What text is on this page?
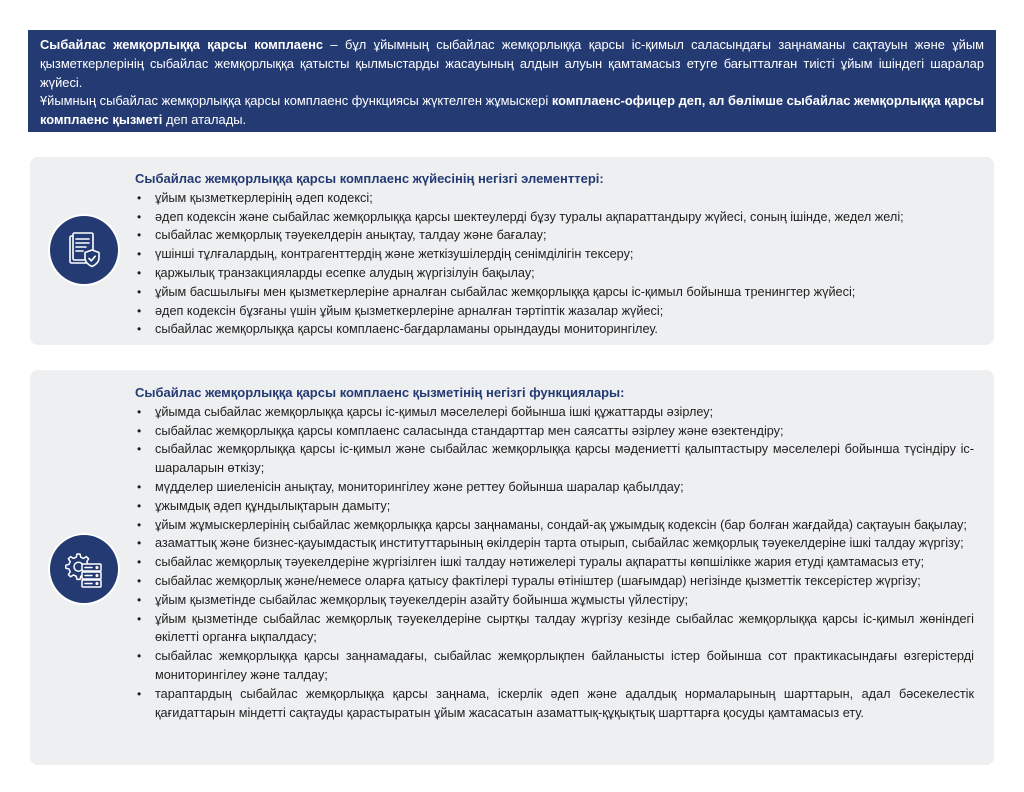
Сыбайлас жемқорлыққа қарсы комплаенс – бұл ұйымның сыбайлас жемқорлыққа қарсы іс-қимыл саласындағы заңнаманы сақтауын және ұйым қызметкерлерінің сыбайлас жемқорлыққа қатысты қылмыстарды жасауының алдын алуын қамтамасыз етуге бағытталған тиісті ұйым ішіндегі шаралар жүйесі.

Ұйымның сыбайлас жемқорлыққа қарсы комплаенс функциясы жүктелген жұмыскері комплаенс-офицер деп, ал бөлімше сыбайлас жемқорлыққа қарсы комплаенс қызметі деп аталады.

Сыбайлас жемқорлыққа қарсы комплаенс жүйесінің негізгі элементтері:
• ұйым қызметкерлерінің әдеп кодексі;
• әдеп кодексін және сыбайлас жемқорлыққа қарсы шектеулерді бұзу туралы ақпараттандыру жүйесі, соның ішінде, жедел желі;
• сыбайлас жемқорлық тәуекелдерін анықтау, талдау және бағалау;
• үшінші тұлғалардың, контрагенттердің және жеткізушілердің сенімділігін тексеру;
• қаржылық транзакцияларды есепке алудың жүргізілуін бақылау;
• ұйым басшылығы мен қызметкерлеріне арналған сыбайлас жемқорлыққа қарсы іс-қимыл бойынша тренингтер жүйесі;
• әдеп кодексін бұзғаны үшін ұйым қызметкерлеріне арналған тәртіптік жазалар жүйесі;
• сыбайлас жемқорлыққа қарсы комплаенс-бағдарламаны орындауды мониторингілеу.
Сыбайлас жемқорлыққа қарсы комплаенс қызметінің негізгі функциялары:
• ұйымда сыбайлас жемқорлыққа қарсы іс-қимыл мәселелері бойынша ішкі құжаттарды әзірлеу;
• сыбайлас жемқорлыққа қарсы комплаенс саласында стандарттар мен саясатты әзірлеу және өзектендіру;
• сыбайлас жемқорлыққа қарсы іс-қимыл және сыбайлас жемқорлыққа қарсы мәдениетті қалыптастыру мәселелері бойынша түсіндіру іс-шараларын өткізу;
• мүдделер шиеленісін анықтау, мониторингілеу және реттеу бойынша шаралар қабылдау;
• ұжымдық әдеп құндылықтарын дамыту;
• ұйым жұмыскерлерінің сыбайлас жемқорлыққа қарсы заңнаманы, сондай-ақ ұжымдық кодексін (бар болған жағдайда) сақтауын бақылау;
• азаматтық және бизнес-қауымдастық институттарының өкілдерін тарта отырып, сыбайлас жемқорлық тәуекелдеріне ішкі талдау жүргізу;
• сыбайлас жемқорлық тәуекелдеріне жүргізілген ішкі талдау нәтижелері туралы ақпаратты көпшілікке жария етуді қамтамасыз ету;
• сыбайлас жемқорлық және/немесе оларға қатысу фактілері туралы өтініштер (шағымдар) негізінде қызметтік тексерістер жүргізу;
• ұйым қызметінде сыбайлас жемқорлық тәуекелдерін азайту бойынша жұмысты үйлестіру;
• ұйым қызметінде сыбайлас жемқорлық тәуекелдеріне сыртқы талдау жүргізу кезінде сыбайлас жемқорлыққа қарсы іс-қимыл жөніндегі өкілетті органға ықпалдасу;
• сыбайлас жемқорлыққа қарсы заңнамадағы, сыбайлас жемқорлықпен байланысты істер бойынша сот практикасындағы өзгерістерді мониторингілеу және талдау;
• тараптардың сыбайлас жемқорлыққа қарсы заңнама, іскерлік әдеп және адалдық нормаларының шарттарын, адал бәсекелестік қағидаттарын міндетті сақтауды қарастыратын ұйым жасасатын азаматтық-құқықтық шарттарға қосуды қамтамасыз ету.
